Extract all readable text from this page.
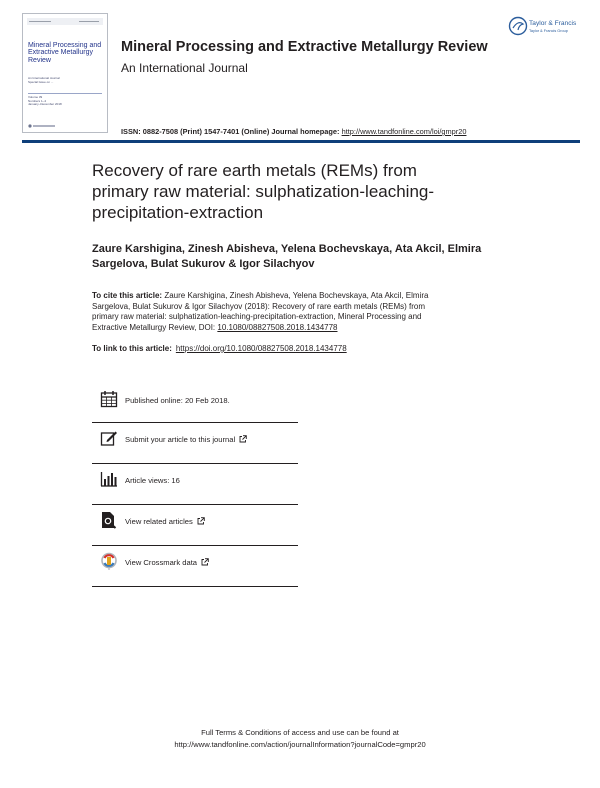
Mineral Processing and Extractive Metallurgy Review
An International Journal
Special Issue on ...
Volume 39
Numbers 1–4
January–December 2018
Mineral Processing and Extractive Metallurgy Review
An International Journal
Taylor & Francis
Taylor & Francis Group
ISSN: 0882-7508 (Print) 1547-7401 (Online) Journal homepage: http://www.tandfonline.com/loi/gmpr20
Recovery of rare earth metals (REMs) from
primary raw material: sulphatization-leaching-
precipitation-extraction
Zaure Karshigina, Zinesh Abisheva, Yelena Bochevskaya, Ata Akcil, Elmira
Sargelova, Bulat Sukurov & Igor Silachyov
To cite this article: Zaure Karshigina, Zinesh Abisheva, Yelena Bochevskaya, Ata Akcil, Elmira
Sargelova, Bulat Sukurov & Igor Silachyov (2018): Recovery of rare earth metals (REMs) from
primary raw material: sulphatization-leaching-precipitation-extraction, Mineral Processing and
Extractive Metallurgy Review, DOI: 10.1080/08827508.2018.1434778
To link to this article: https://doi.org/10.1080/08827508.2018.1434778
Published online: 20 Feb 2018.
Submit your article to this journal
Article views: 16
View related articles
View Crossmark data
Full Terms & Conditions of access and use can be found at
http://www.tandfonline.com/action/journalInformation?journalCode=gmpr20
